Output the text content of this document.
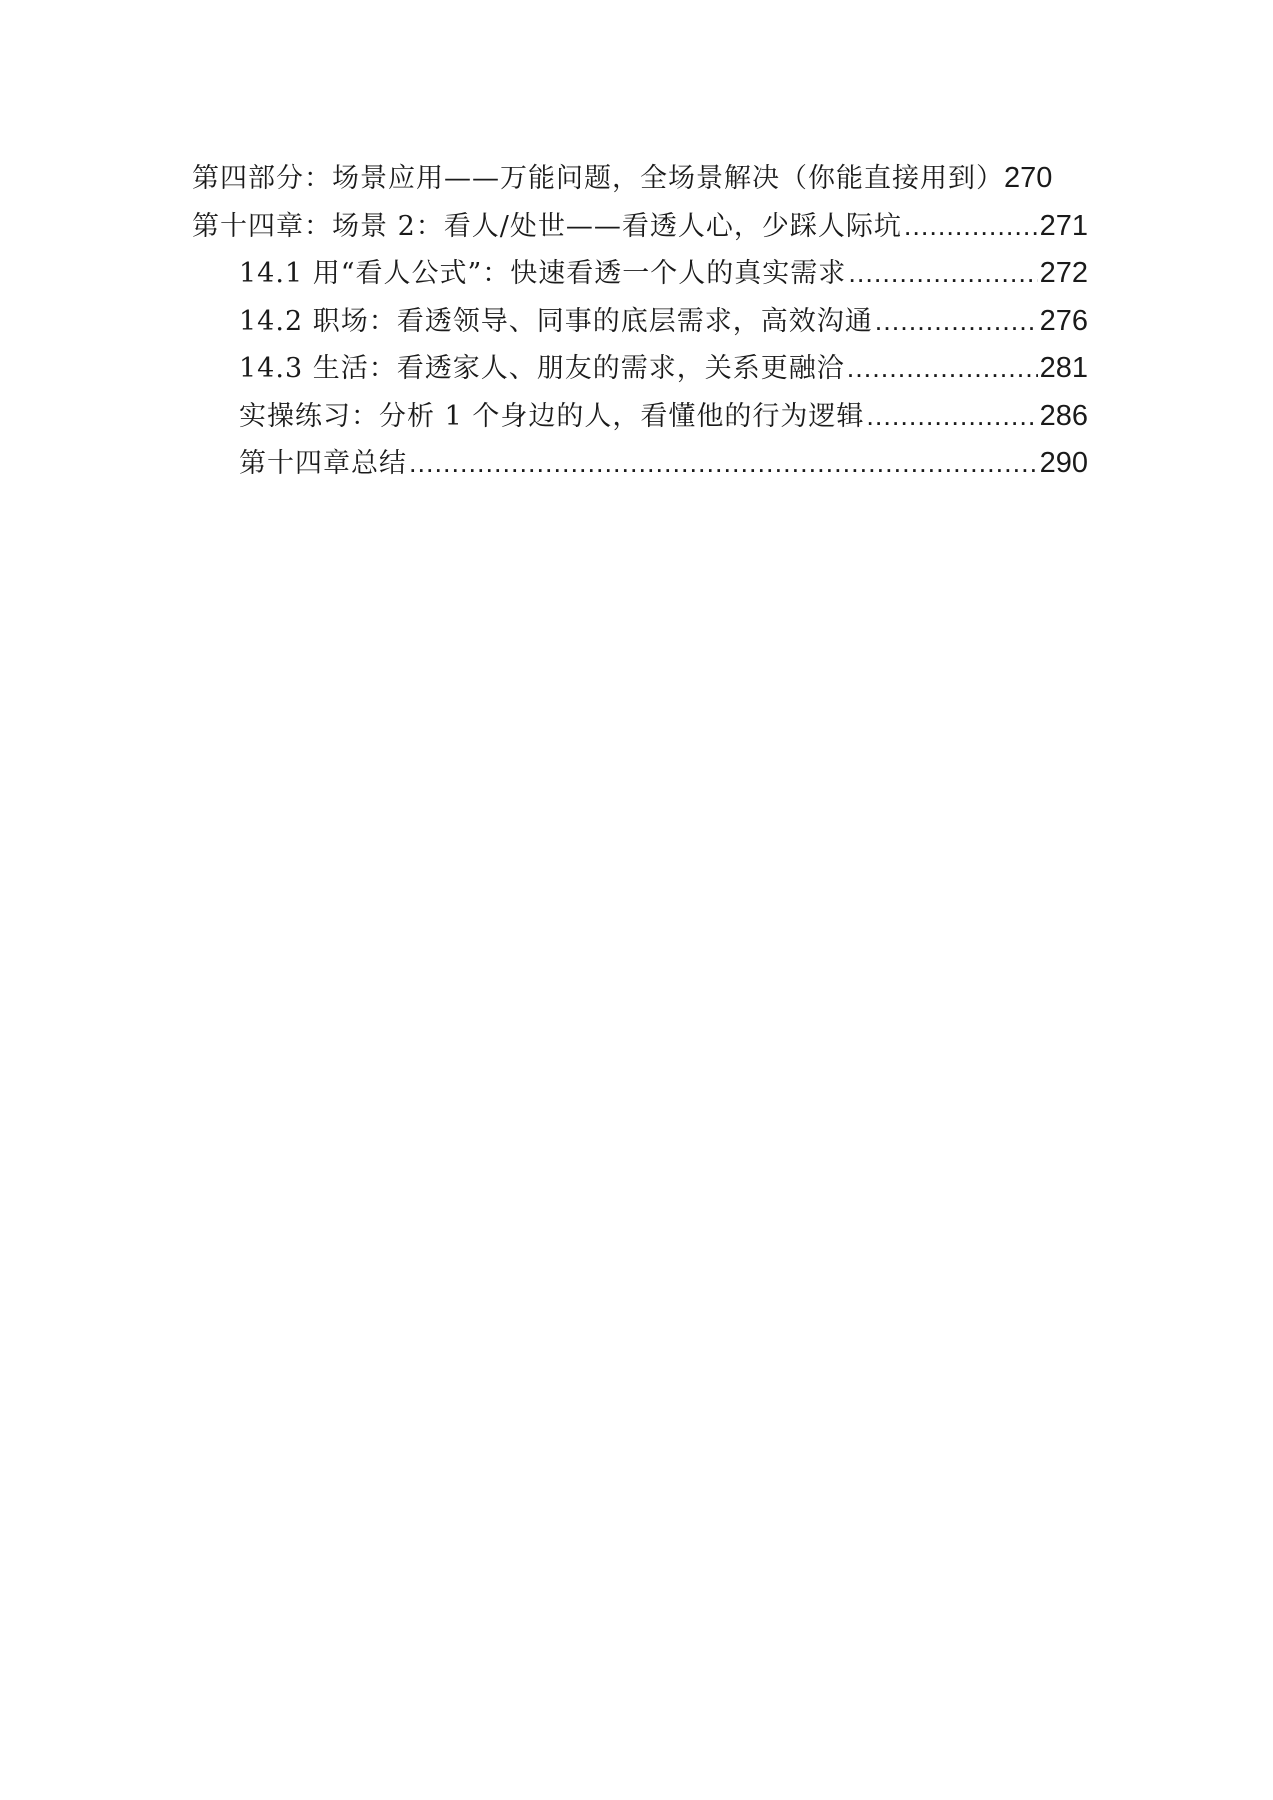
第四部分：场景应用——万能问题，全场景解决（你能直接用到） 270
第十四章：场景 2：看人/处世——看透人心，少踩人际坑 .....	271
14.1 用“看人公式”：快速看透一个人的真实需求 .....	272
14.2 职场：看透领导、同事的底层需求，高效沟通 .....	276
14.3 生活：看透家人、朋友的需求，关系更融洽 .....	281
实操练习：分析 1 个身边的人，看懂他的行为逻辑 .....	286
第十四章总结 .....	290
